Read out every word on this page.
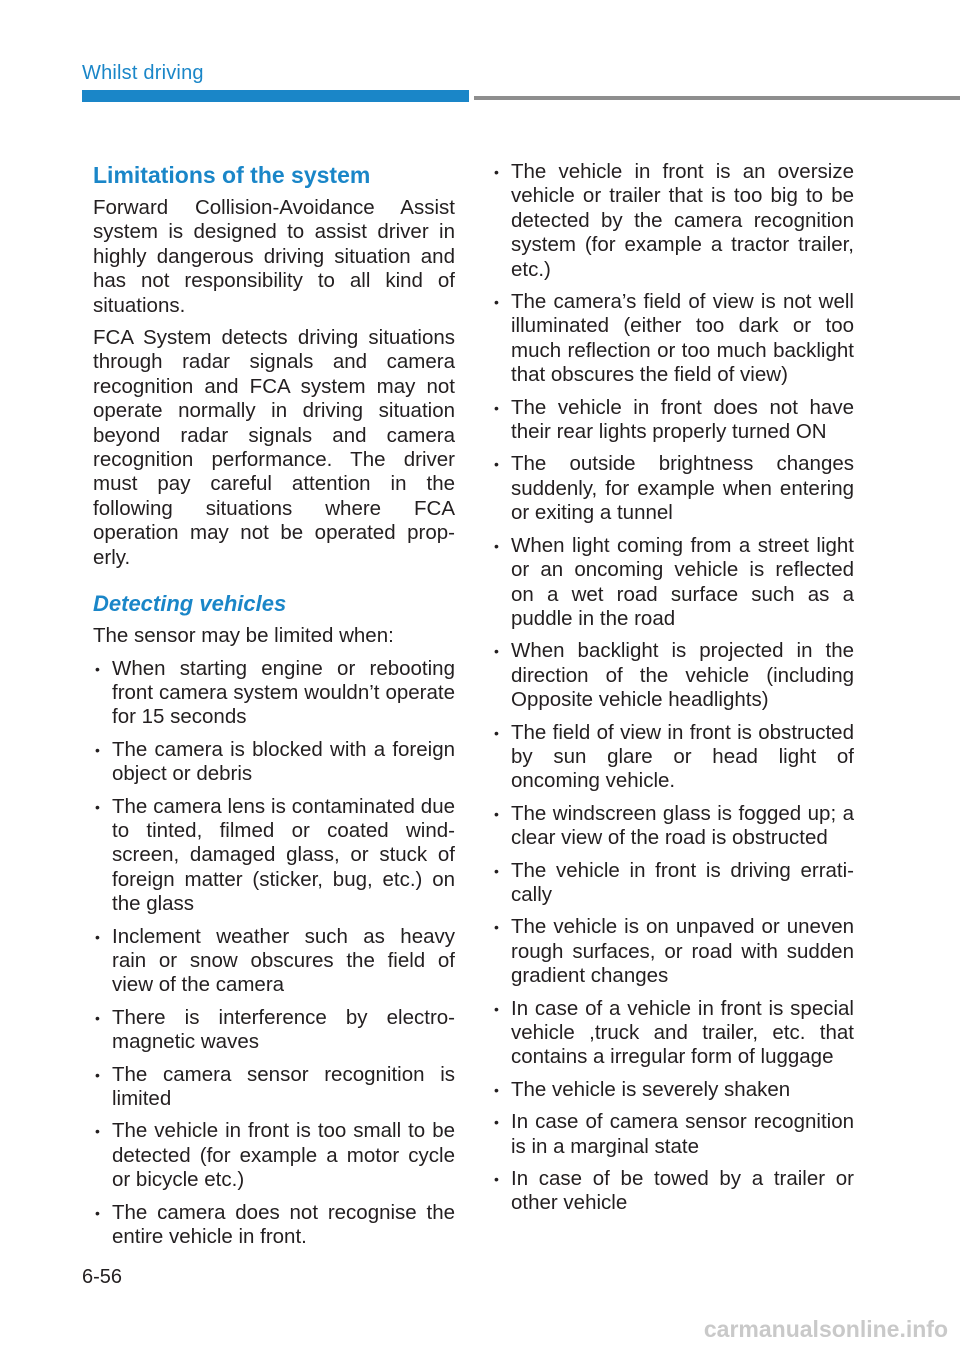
Whilst driving
Limitations of the system

Forward Collision-Avoidance Assist system is designed to assist driver in highly dangerous driving situation and has not responsibility to all kind of situations.

FCA System detects driving situations through radar signals and camera recognition and FCA system may not operate normally in driving situation beyond radar signals and camera recognition performance. The driver must pay careful attention in the following situations where FCA operation may not be operated properly.

Detecting vehicles

The sensor may be limited when:

• When starting engine or rebooting front camera system wouldn’t operate for 15 seconds
• The camera is blocked with a foreign object or debris
• The camera lens is contaminated due to tinted, filmed or coated windscreen, damaged glass, or stuck of foreign matter (sticker, bug, etc.) on the glass
• Inclement weather such as heavy rain or snow obscures the field of view of the camera
• There is interference by electromagnetic waves
• The camera sensor recognition is limited
• The vehicle in front is too small to be detected (for example a motor cycle or bicycle etc.)
• The camera does not recognise the entire vehicle in front.
• The vehicle in front is an oversize vehicle or trailer that is too big to be detected by the camera recognition system (for example a tractor trailer, etc.)
• The camera’s field of view is not well illuminated (either too dark or too much reflection or too much backlight that obscures the field of view)
• The vehicle in front does not have their rear lights properly turned ON
• The outside brightness changes suddenly, for example when entering or exiting a tunnel
• When light coming from a street light or an oncoming vehicle is reflected on a wet road surface such as a puddle in the road
• When backlight is projected in the direction of the vehicle (including Opposite vehicle headlights)
• The field of view in front is obstructed by sun glare or head light of oncoming vehicle.
• The windscreen glass is fogged up; a clear view of the road is obstructed
• The vehicle in front is driving erratically
• The vehicle is on unpaved or uneven rough surfaces, or road with sudden gradient changes
• In case of a vehicle in front is special vehicle ,truck and trailer, etc. that contains a irregular form of luggage
• The vehicle is severely shaken
• In case of camera sensor recognition is in a marginal state
• In case of be towed by a trailer or other vehicle
6-56
carmanualsonline.info
